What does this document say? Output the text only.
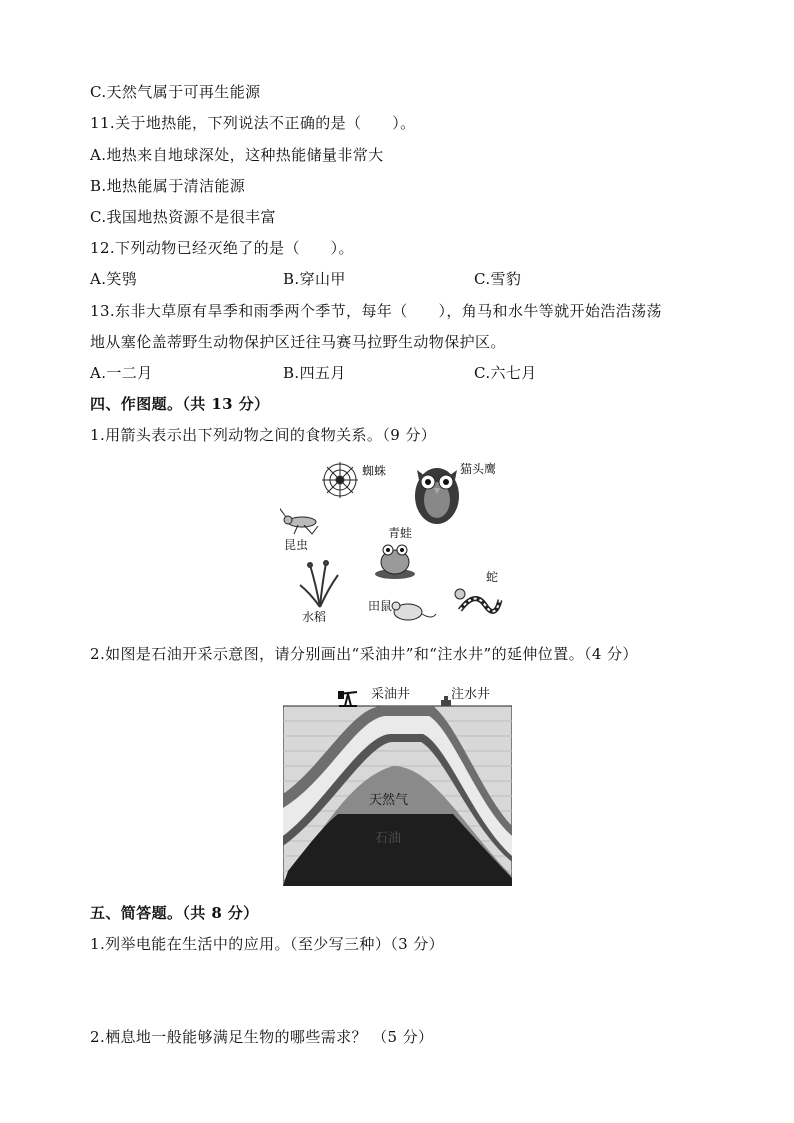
C.天然气属于可再生能源
11.关于地热能，下列说法不正确的是（　　）。
A.地热来自地球深处，这种热能储量非常大
B.地热能属于清洁能源
C.我国地热资源不是很丰富
12.下列动物已经灭绝了的是（　　）。
A.笑鸮	B.穿山甲	C.雪豹
13.东非大草原有旱季和雨季两个季节，每年（　　），角马和水牛等就开始浩浩荡荡
地从塞伦盖蒂野生动物保护区迁往马赛马拉野生动物保护区。
A.一二月	B.四五月	C.六七月
四、作图题。（共 13 分）
1.用箭头表示出下列动物之间的食物关系。（9 分）
蜘蛛	猫头鹰
昆虫
青蛙
水稻
田鼠
蛇
2.如图是石油开采示意图，请分别画出“采油井”和“注水井”的延伸位置。（4 分）
采油井	注水井
天然气
石油
五、简答题。（共 8 分）
1.列举电能在生活中的应用。（至少写三种）（3 分）
2.栖息地一般能够满足生物的哪些需求？ （5 分）
